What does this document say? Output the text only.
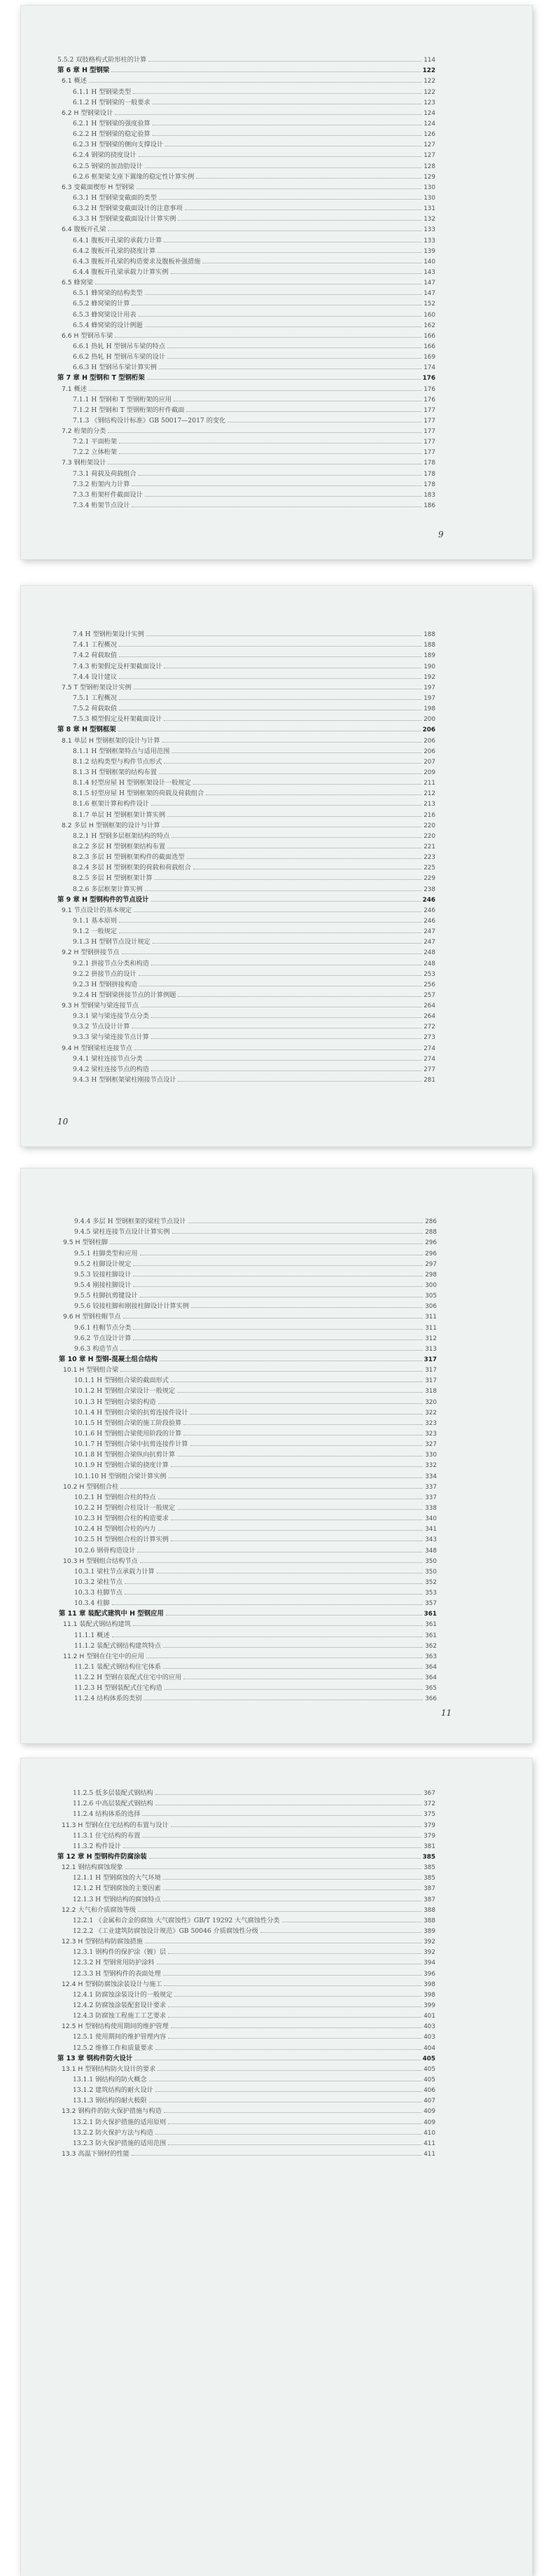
5.5.2 双肢格构式阶形柱的计算	114
第 6 章 H 型钢梁	122
6.1 概述	122
6.1.1 H 型钢梁类型	122
6.1.2 H 型钢梁的一般要求	123
6.2 H 型钢梁设计	124
6.2.1 H 型钢梁的强度验算	124
6.2.2 H 型钢梁的稳定验算	126
6.2.3 H 型钢梁的侧向支撑设计	127
6.2.4 钢梁的挠度设计	127
6.2.5 钢梁的加劲肋设计	128
6.2.6 框架梁支座下翼缘的稳定性计算实例	129
6.3 变截面楔形 H 型钢梁	130
6.3.1 H 型钢梁变截面的类型	130
6.3.2 H 型钢梁变截面设计的注意事项	131
6.3.3 H 型钢梁变截面设计计算实例	132
6.4 腹板开孔梁	133
6.4.1 腹板开孔梁的承载力计算	133
6.4.2 腹板开孔梁的挠度计算	139
6.4.3 腹板开孔梁的构造要求及腹板补强措施	140
6.4.4 腹板开孔梁承载力计算实例	143
6.5 蜂窝梁	147
6.5.1 蜂窝梁的结构类型	147
6.5.2 蜂窝梁的计算	152
6.5.3 蜂窝梁设计用表	160
6.5.4 蜂窝梁的设计例题	162
6.6 H 型钢吊车梁	166
6.6.1 热轧 H 型钢吊车梁的特点	166
6.6.2 热轧 H 型钢吊车梁的设计	169
6.6.3 H 型钢吊车梁计算实例	174
第 7 章 H 型钢和 T 型钢桁架	176
7.1 概述	176
7.1.1 H 型钢和 T 型钢桁架的应用	176
7.1.2 H 型钢和 T 型钢桁架的杆件截面	177
7.1.3 《钢结构设计标准》GB 50017—2017 的变化	177
7.2 桁架的分类	177
7.2.1 平面桁架	177
7.2.2 立体桁架	177
7.3 钢桁架设计	178
7.3.1 荷载及荷载组合	178
7.3.2 桁架内力计算	178
7.3.3 桁架杆件截面设计	183
7.3.4 桁架节点设计	186
9
7.4 H 型钢桁架设计实例	188
7.4.1 工程概况	188
7.4.2 荷载取值	189
7.4.3 桁架假定及杆架截面设计	190
7.4.4 设计建议	192
7.5 T 型钢桁架设计实例	197
7.5.1 工程概况	197
7.5.2 荷载取值	198
7.5.3 模型假定及杆架截面设计	200
第 8 章 H 型钢框架	206
8.1 单层 H 型钢框架的设计与计算	206
8.1.1 H 型钢框架特点与适用范围	206
8.1.2 结构类型与构件节点形式	207
8.1.3 H 型钢框架的结构布置	209
8.1.4 轻型房屋 H 型钢框架设计一般规定	211
8.1.5 轻型房屋 H 型钢框架的荷载及荷载组合	212
8.1.6 框架计算和构件设计	213
8.1.7 单层 H 型钢框架计算实例	216
8.2 多层 H 型钢框架的设计与计算	220
8.2.1 H 型钢多层框架结构的特点	220
8.2.2 多层 H 型钢框架结构布置	221
8.2.3 多层 H 型钢框架构件的截面选型	223
8.2.4 多层 H 型钢框架的荷载和荷载组合	225
8.2.5 多层 H 型钢框架计算	229
8.2.6 多层框架计算实例	238
第 9 章 H 型钢构件的节点设计	246
9.1 节点设计的基本规定	246
9.1.1 基本原则	246
9.1.2 一般规定	247
9.1.3 H 型钢节点设计规定	247
9.2 H 型钢拼接节点	248
9.2.1 拼接节点分类和构造	248
9.2.2 拼接节点的设计	253
9.2.3 H 型钢拼接构造	256
9.2.4 H 型钢梁拼接节点的计算例题	257
9.3 H 型钢梁与梁连接节点	264
9.3.1 梁与梁连接节点分类	264
9.3.2 节点设计计算	272
9.3.3 梁与梁连接节点计算	273
9.4 H 型钢梁柱连接节点	274
9.4.1 梁柱连接节点分类	274
9.4.2 梁柱连接节点的构造	277
9.4.3 H 型钢框架梁柱刚接节点设计	281
10
9.4.4 多层 H 型钢框架的梁柱节点设计	286
9.4.5 梁柱连接节点设计计算实例	288
9.5 H 型钢柱脚	296
9.5.1 柱脚类型和应用	296
9.5.2 柱脚设计规定	297
9.5.3 铰接柱脚设计	298
9.5.4 刚接柱脚设计	300
9.5.5 柱脚抗剪键设计	305
9.5.6 铰接柱脚和刚接柱脚设计计算实例	306
9.6 H 型钢柱帽节点	311
9.6.1 柱帽节点分类	311
9.6.2 节点设计计算	312
9.6.3 构造节点	313
第 10 章 H 型钢-混凝土组合结构	317
10.1 H 型钢组合梁	317
10.1.1 H 型钢组合梁的截面形式	317
10.1.2 H 型钢组合梁设计一般规定	318
10.1.3 H 型钢组合梁的构造	320
10.1.4 H 型钢组合梁的抗剪连接件设计	322
10.1.5 H 型钢组合梁的施工阶段验算	323
10.1.6 H 型钢组合梁使用阶段的计算	323
10.1.7 H 型钢组合梁中抗剪连接件计算	327
10.1.8 H 型钢组合梁纵向抗剪计算	330
10.1.9 H 型钢组合梁的挠度计算	332
10.1.10 H 型钢组合梁计算实例	334
10.2 H 型钢组合柱	337
10.2.1 H 型钢组合柱的特点	337
10.2.2 H 型钢组合柱设计一般规定	338
10.2.3 H 型钢组合柱的构造要求	340
10.2.4 H 型钢组合柱的内力	341
10.2.5 H 型钢组合柱的计算实例	343
10.2.6 钢骨构造设计	348
10.3 H 型钢组合结构节点	350
10.3.1 梁柱节点承载力计算	350
10.3.2 梁柱节点	352
10.3.3 柱脚节点	353
10.3.4 柱脚	357
第 11 章 装配式建筑中 H 型钢应用	361
11.1 装配式钢结构建筑	361
11.1.1 概述	361
11.1.2 装配式钢结构建筑特点	362
11.2 H 型钢在住宅中的应用	363
11.2.1 装配式钢结构住宅体系	364
11.2.2 H 型钢在装配式住宅中的应用	364
11.2.3 H 型钢装配式住宅构造	365
11.2.4 结构体系的类别	366
11
11.2.5 低多层装配式钢结构	367
11.2.6 中高层装配式钢结构	372
11.2.4 结构体系的选择	375
11.3 H 型钢在住宅结构的布置与设计	379
11.3.1 住宅结构的布置	379
11.3.2 构件设计	381
第 12 章 H 型钢构件防腐涂装	385
12.1 钢结构腐蚀现象	385
12.1.1 H 型钢腐蚀的大气环境	385
12.1.2 H 型钢腐蚀的主要因素	387
12.1.3 H 型钢结构的腐蚀特点	387
12.2 大气和介质腐蚀等级	388
12.2.1 《金属和合金的腐蚀 大气腐蚀性》GB/T 19292 大气腐蚀性分类	388
12.2.2 《工业建筑防腐蚀设计规范》GB 50046 介质腐蚀性分级	389
12.3 H 型钢结构防腐蚀措施	392
12.3.1 钢构件的保护涂（镀）层	392
12.3.2 H 型钢常用防护涂料	394
12.3.3 H 型钢构件的表面处理	396
12.4 H 型钢防腐蚀涂装设计与施工	398
12.4.1 防腐蚀涂装设计的一般规定	398
12.4.2 防腐蚀涂装配套设计要求	399
12.4.3 防腐蚀工程施工工艺要求	401
12.5 H 型钢结构使用期间的维护管理	403
12.5.1 使用期间的维护管理内容	403
12.5.2 维修工作和质量要求	404
第 13 章 钢构件防火设计	405
13.1 H 型钢结构防火设计的要求	405
13.1.1 钢结构的防火概念	405
13.1.2 建筑结构的耐火设计	406
13.1.3 钢结构的耐火极限	407
13.2 钢构件的防火保护措施与构造	409
13.2.1 防火保护措施的适用原则	409
13.2.2 防火保护方法与构造	410
13.2.3 防火保护措施的适用范围	411
13.3 高温下钢材的性能	411
